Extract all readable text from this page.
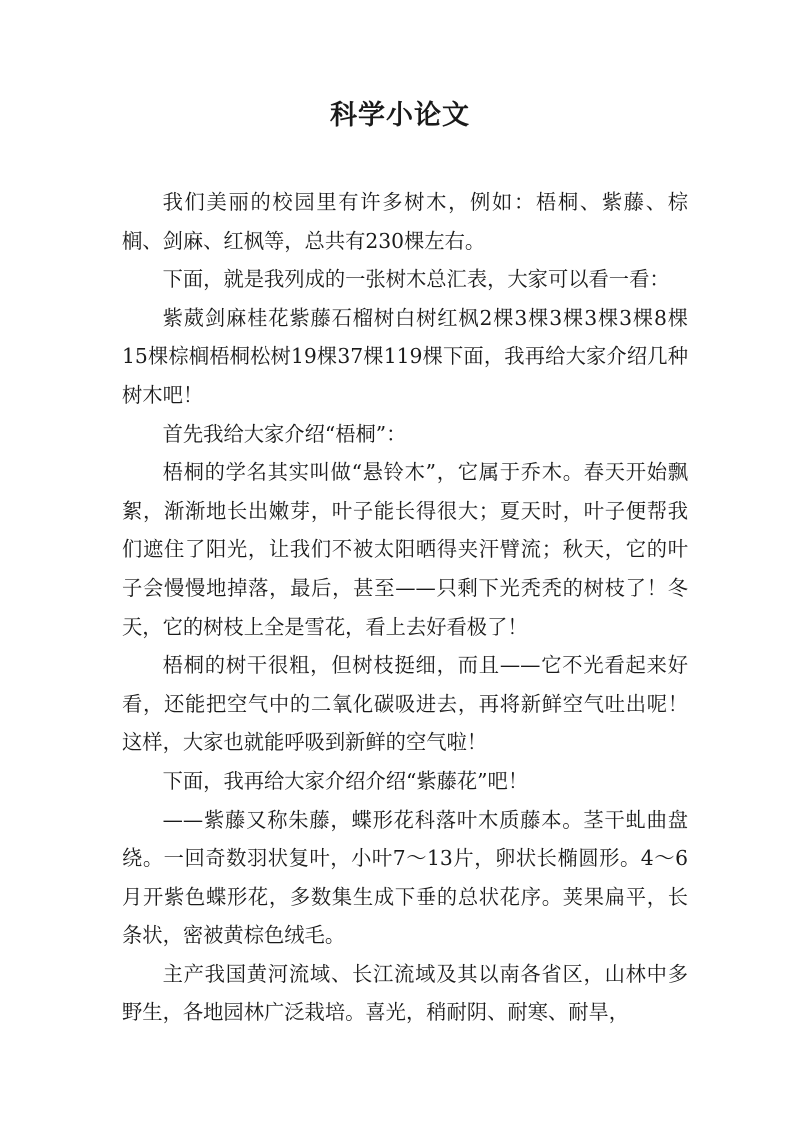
科学小论文

我们美丽的校园里有许多树木，例如：梧桐、紫藤、棕榈、剑麻、红枫等，总共有230棵左右。

下面，就是我列成的一张树木总汇表，大家可以看一看：

紫葳剑麻桂花紫藤石榴树白树红枫2棵3棵3棵3棵3棵8棵15棵棕榈梧桐松树19棵37棵119棵下面，我再给大家介绍几种树木吧！

首先我给大家介绍“梧桐”：

梧桐的学名其实叫做“悬铃木”，它属于乔木。春天开始飘絮，渐渐地长出嫩芽，叶子能长得很大；夏天时，叶子便帮我们遮住了阳光，让我们不被太阳晒得夹汗臂流；秋天，它的叶子会慢慢地掉落，最后，甚至——只剩下光秃秃的树枝了！冬天，它的树枝上全是雪花，看上去好看极了！

梧桐的树干很粗，但树枝挺细，而且——它不光看起来好看，还能把空气中的二氧化碳吸进去，再将新鲜空气吐出呢！这样，大家也就能呼吸到新鲜的空气啦！

下面，我再给大家介绍介绍“紫藤花”吧！

——紫藤又称朱藤，蝶形花科落叶木质藤本。茎干虬曲盘绕。一回奇数羽状复叶，小叶7～13片，卵状长椭圆形。4～6月开紫色蝶形花，多数集生成下垂的总状花序。荚果扁平，长条状，密被黄棕色绒毛。

主产我国黄河流域、长江流域及其以南各省区，山林中多野生，各地园林广泛栽培。喜光，稍耐阴、耐寒、耐旱，
